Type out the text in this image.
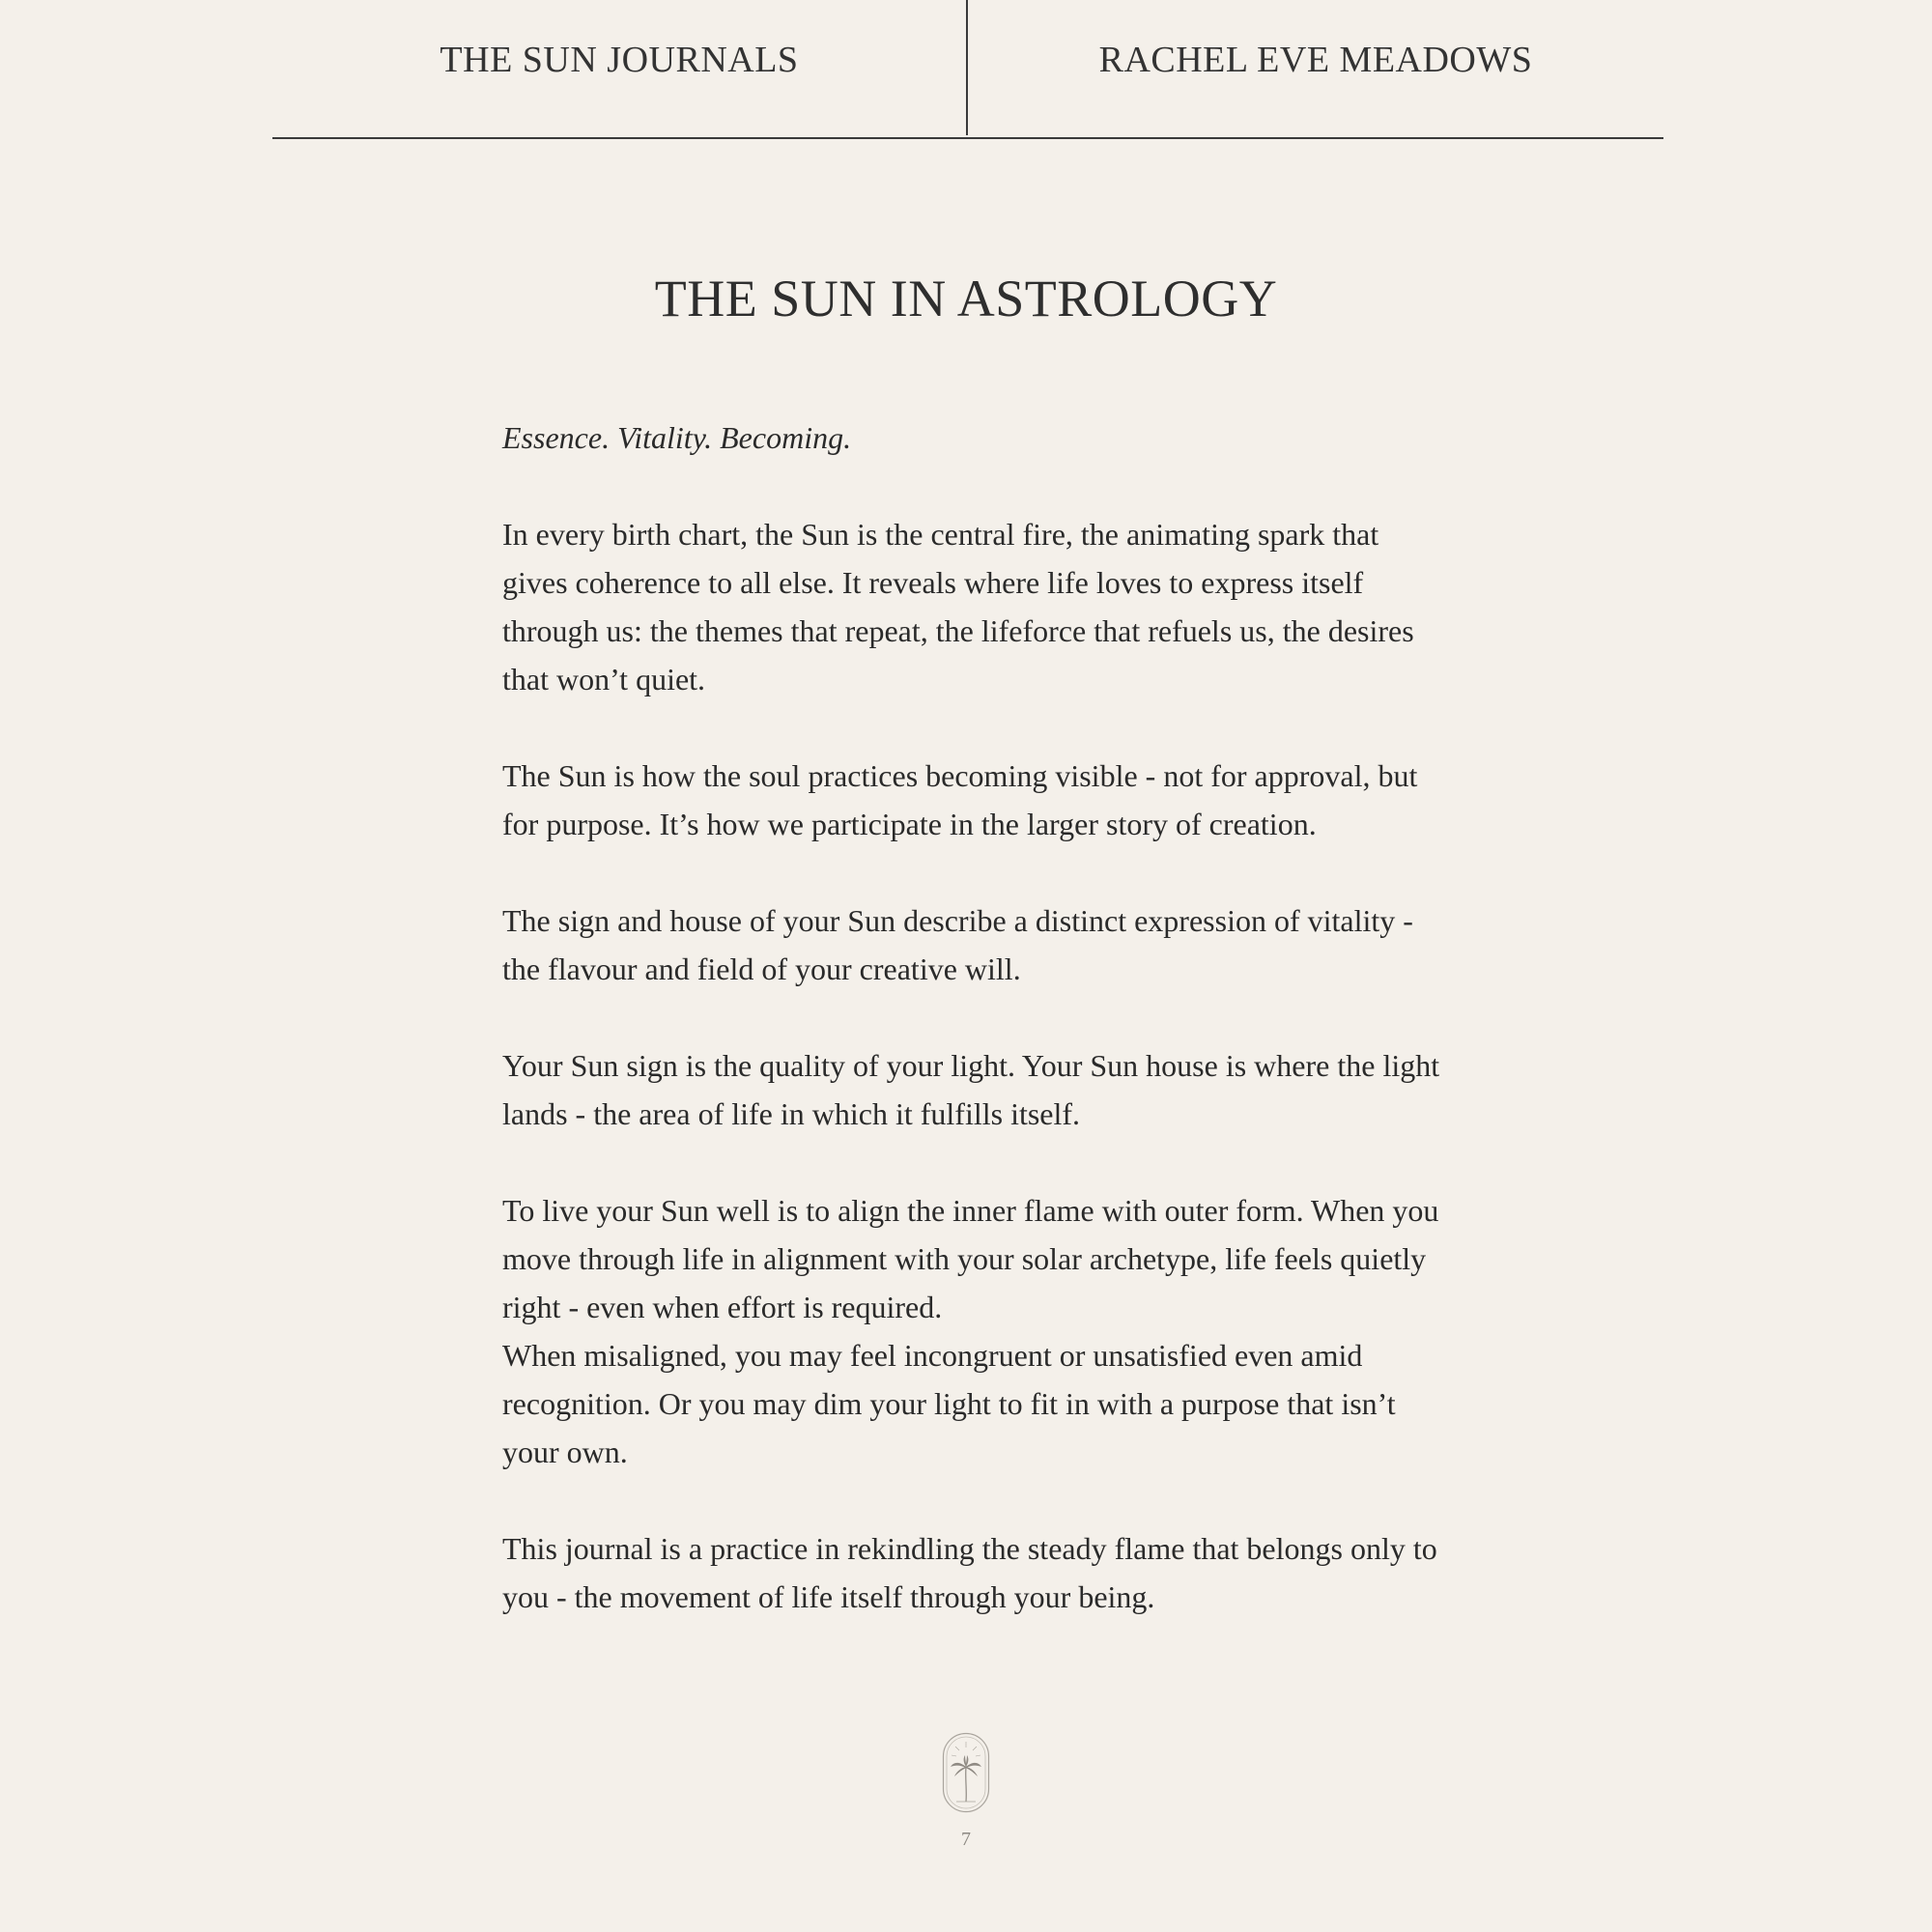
THE SUN JOURNALS	RACHEL EVE MEADOWS
THE SUN IN ASTROLOGY

Essence. Vitality. Becoming.

In every birth chart, the Sun is the central fire, the animating spark that gives coherence to all else. It reveals where life loves to express itself through us: the themes that repeat, the lifeforce that refuels us, the desires that won’t quiet.

The Sun is how the soul practices becoming visible - not for approval, but for purpose. It’s how we participate in the larger story of creation.

The sign and house of your Sun describe a distinct expression of vitality - the flavour and field of your creative will.

Your Sun sign is the quality of your light. Your Sun house is where the light lands - the area of life in which it fulfills itself.

To live your Sun well is to align the inner flame with outer form. When you move through life in alignment with your solar archetype, life feels quietly right - even when effort is required.

When misaligned, you may feel incongruent or unsatisfied even amid recognition. Or you may dim your light to fit in with a purpose that isn’t your own.

This journal is a practice in rekindling the steady flame that belongs only to you - the movement of life itself through your being.

7
